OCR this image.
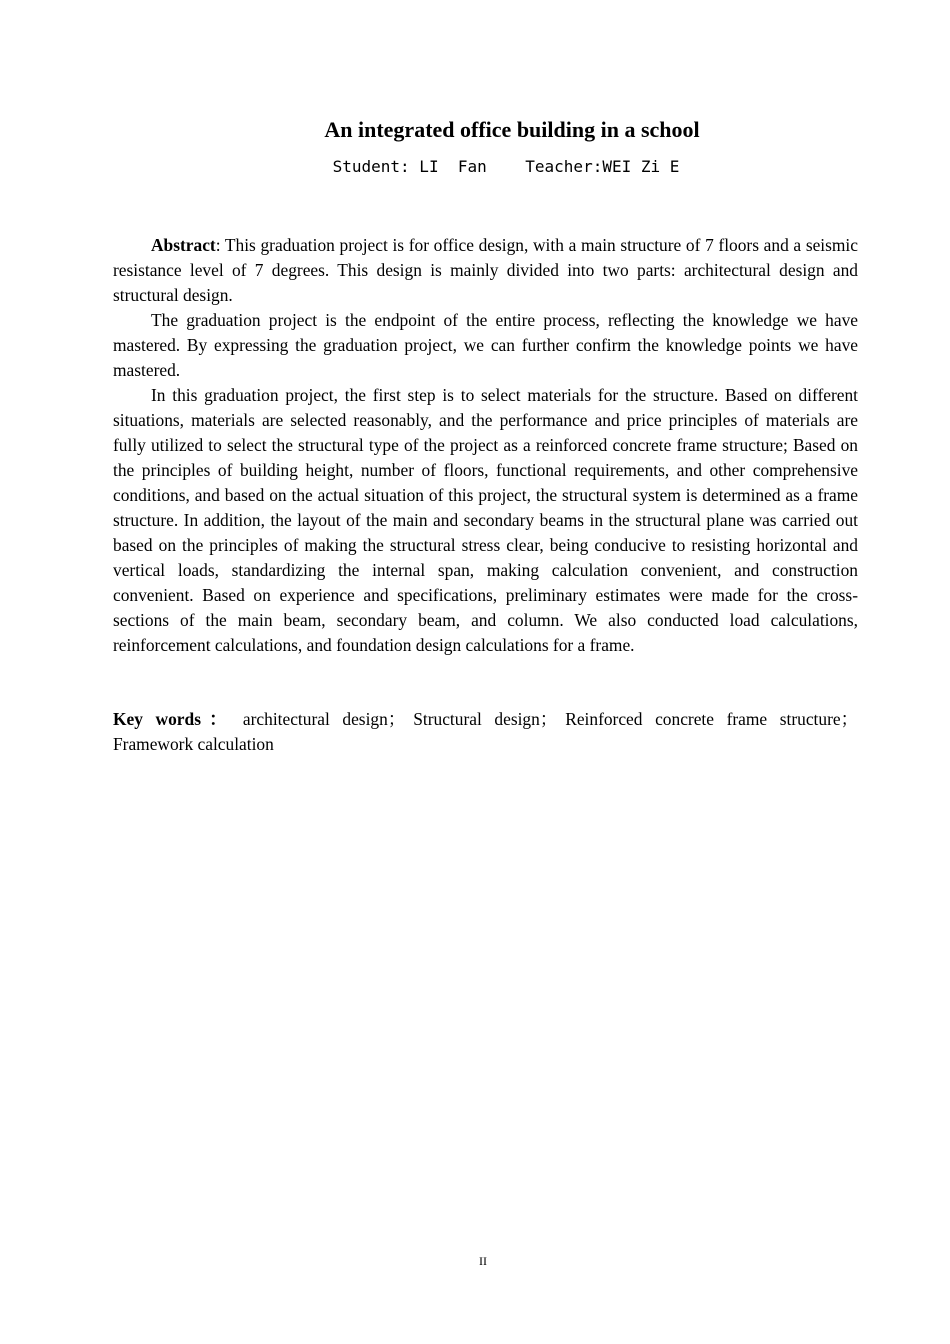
An integrated office building in a school
Student: LI  Fan Teacher:WEI Zi E

Abstract: This graduation project is for office design, with a main structure of 7 floors and a seismic resistance level of 7 degrees. This design is mainly divided into two parts: architectural design and structural design.

The graduation project is the endpoint of the entire process, reflecting the knowledge we have mastered. By expressing the graduation project, we can further confirm the knowledge points we have mastered.

In this graduation project, the first step is to select materials for the structure. Based on different situations, materials are selected reasonably, and the performance and price principles of materials are fully utilized to select the structural type of the project as a reinforced concrete frame structure; Based on the principles of building height, number of floors, functional requirements, and other comprehensive conditions, and based on the actual situation of this project, the structural system is determined as a frame structure. In addition, the layout of the main and secondary beams in the structural plane was carried out based on the principles of making the structural stress clear, being conducive to resisting horizontal and vertical loads, standardizing the internal span, making calculation convenient, and construction convenient. Based on experience and specifications, preliminary estimates were made for the cross-sections of the main beam, secondary beam, and column. We also conducted load calculations, reinforcement calculations, and foundation design calculations for a frame.

Key words： architectural design； Structural design； Reinforced concrete frame structure； Framework calculation

II
